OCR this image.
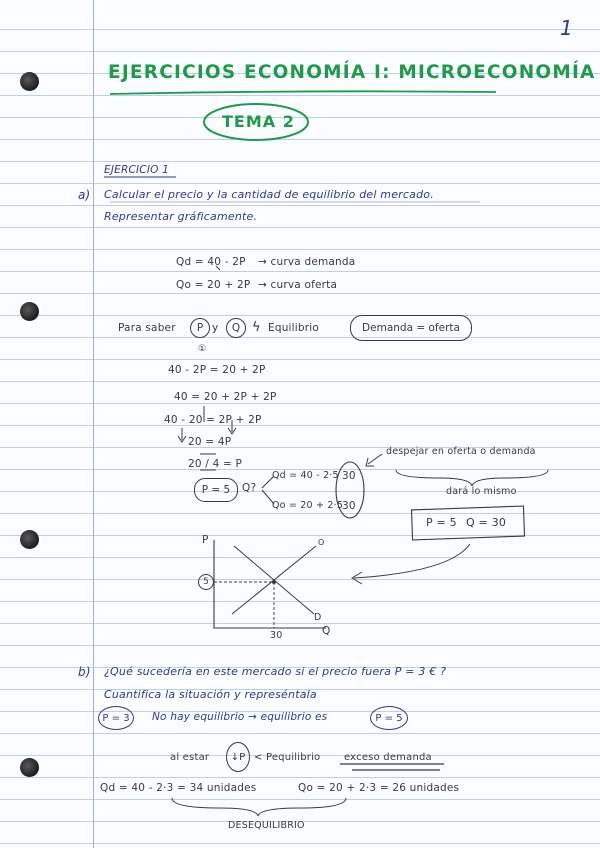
1
EJERCICIOS ECONOMÍA I: MICROECONOMÍA
TEMA 2
EJERCICIO 1
a) Calcular el precio y la cantidad de equilibrio del mercado.
Representar gráficamente.
Qd = 40 - 2P → curva demanda
Qo = 20 + 2P → curva oferta
Para saber	P y	Q ϟ Equilibrio	Demanda = oferta
①
40 - 2P = 20 + 2P
40 = 20 + 2P + 2P
40 - 20 = 2P + 2P
20 = 4P
20 / 4 = P
P = 5	Q?
Qd = 40 - 2·5
Qo = 20 + 2·5
30
30
despejar en oferta o demanda
dará lo mismo
P = 5 Q = 30
P
5
30	Q
O
D
b) ¿Qué sucedería en este mercado si el precio fuera P = 3 € ?
Cuantifica la situación y represéntala
P = 3	No hay equilibrio → equilibrio es	P = 5
al estar	↓P < Pequilibrio exceso demanda
Qd = 40 - 2·3 = 34 unidades	Qo = 20 + 2·3 = 26 unidades
DESEQUILIBRIO
